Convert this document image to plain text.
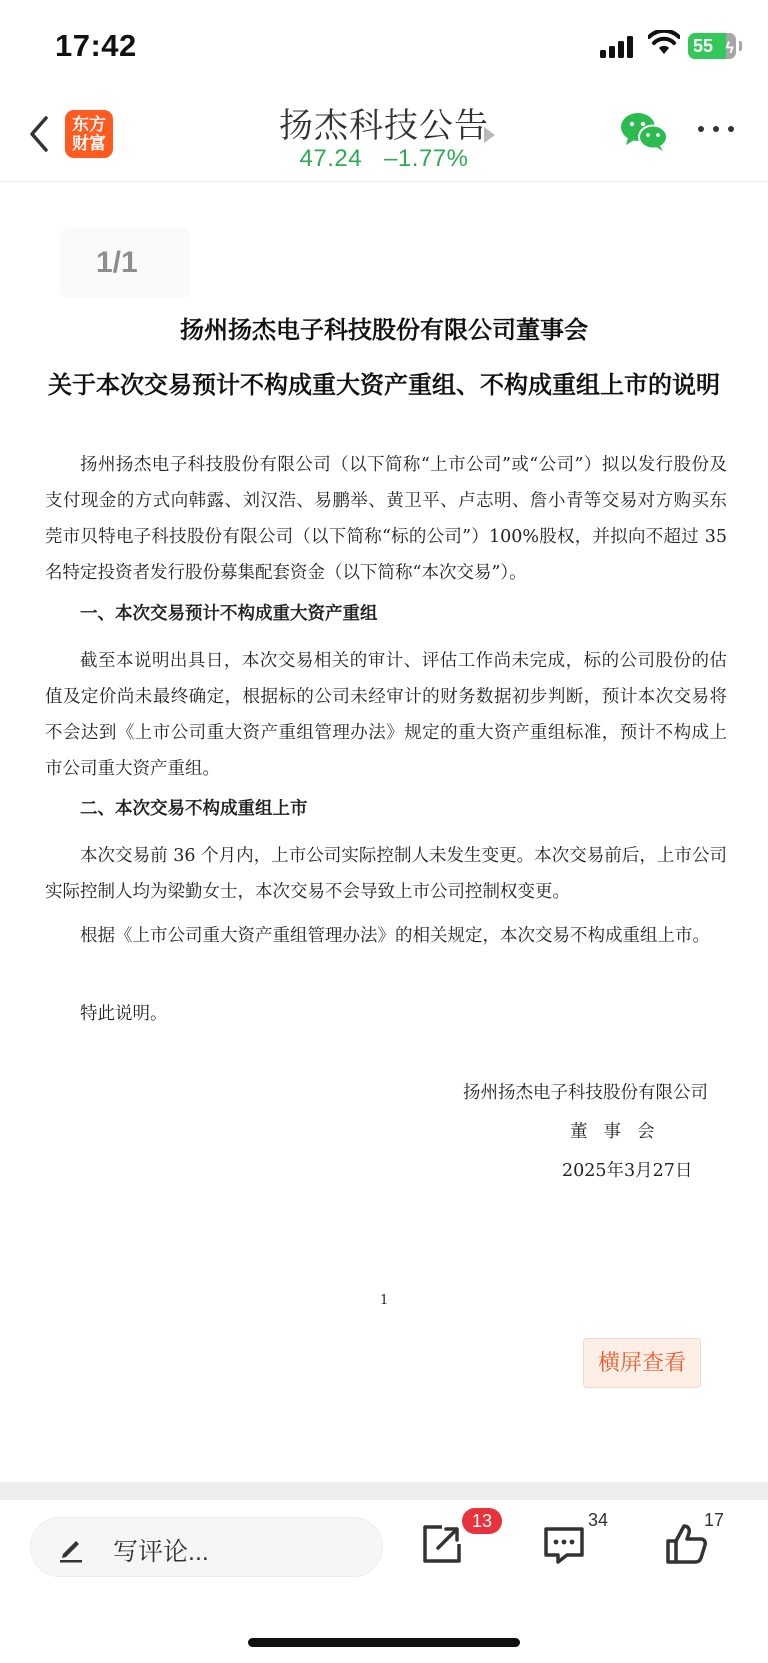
17:42	55 ϟ
东方
财富	扬杰科技公告
47.24 –1.77%
1/1
扬州扬杰电子科技股份有限公司董事会
关于本次交易预计不构成重大资产重组、不构成重组上市的说明
扬州扬杰电子科技股份有限公司（以下简称“上市公司”或“公司”）拟以发行股份及支付现金的方式向韩露、刘汉浩、易鹏举、黄卫平、卢志明、詹小青等交易对方购买东莞市贝特电子科技股份有限公司（以下简称“标的公司”）100%股权，并拟向不超过 35 名特定投资者发行股份募集配套资金（以下简称“本次交易”）。
一、本次交易预计不构成重大资产重组
截至本说明出具日，本次交易相关的审计、评估工作尚未完成，标的公司股份的估值及定价尚未最终确定，根据标的公司未经审计的财务数据初步判断，预计本次交易将不会达到《上市公司重大资产重组管理办法》规定的重大资产重组标准，预计不构成上市公司重大资产重组。
二、本次交易不构成重组上市
本次交易前 36 个月内，上市公司实际控制人未发生变更。本次交易前后，上市公司实际控制人均为梁勤女士，本次交易不会导致上市公司控制权变更。
根据《上市公司重大资产重组管理办法》的相关规定，本次交易不构成重组上市。
特此说明。
扬州扬杰电子科技股份有限公司
董事会
2025年3月27日
1
横屏查看
写评论...
13	34	17
